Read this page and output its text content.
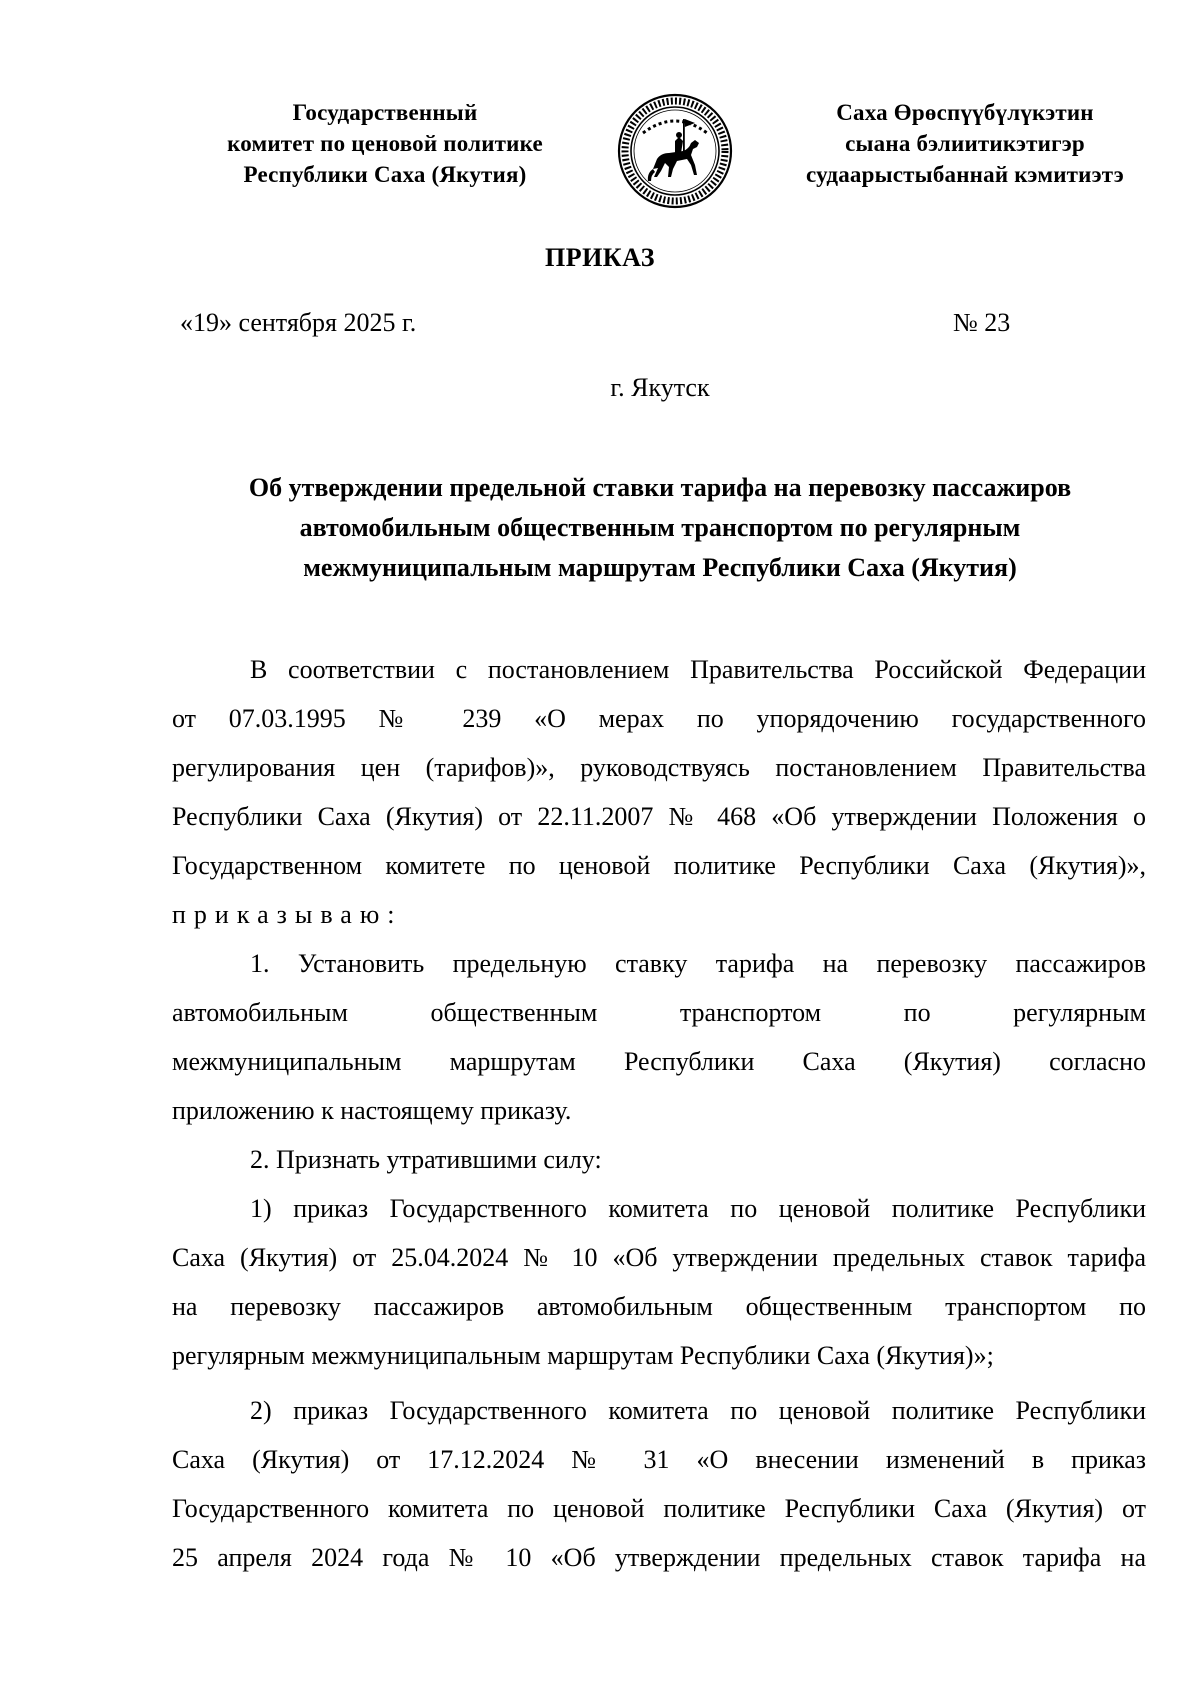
Государственный
комитет по ценовой политике
Республики Саха (Якутия)
Саха Өрөспүүбүлүкэтин
сыана бэлиитикэтигэр
судаарыстыбаннай кэмитиэтэ
ПРИКАЗ
«19» сентября 2025 г.	№ 23
г. Якутск
Об утверждении предельной ставки тарифа на перевозку пассажиров
автомобильным общественным транспортом по регулярным
межмуниципальным маршрутам Республики Саха (Якутия)
В соответствии с постановлением Правительства Российской Федерации
от 07.03.1995 № 239 «О мерах по упорядочению государственного
регулирования цен (тарифов)», руководствуясь постановлением Правительства
Республики Саха (Якутия) от 22.11.2007 № 468 «Об утверждении Положения о
Государственном комитете по ценовой политике Республики Саха (Якутия)»,
приказываю:
1. Установить предельную ставку тарифа на перевозку пассажиров
автомобильным общественным транспортом по регулярным
межмуниципальным маршрутам Республики Саха (Якутия) согласно
приложению к настоящему приказу.
2. Признать утратившими силу:
1) приказ Государственного комитета по ценовой политике Республики
Саха (Якутия) от 25.04.2024 № 10 «Об утверждении предельных ставок тарифа
на перевозку пассажиров автомобильным общественным транспортом по
регулярным межмуниципальным маршрутам Республики Саха (Якутия)»;
2) приказ Государственного комитета по ценовой политике Республики
Саха (Якутия) от 17.12.2024 № 31 «О внесении изменений в приказ
Государственного комитета по ценовой политике Республики Саха (Якутия) от
25 апреля 2024 года № 10 «Об утверждении предельных ставок тарифа на
